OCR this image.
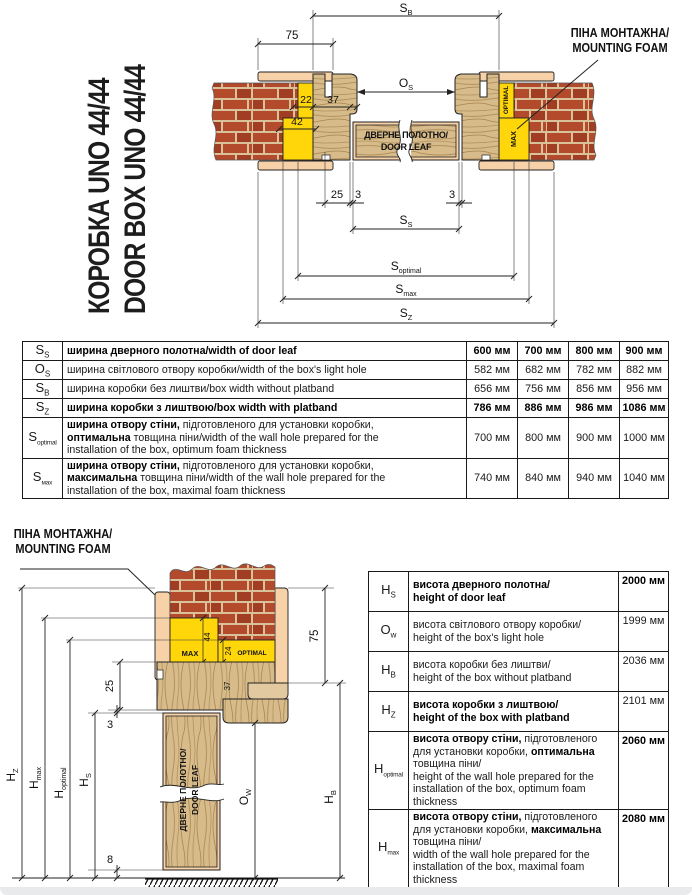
КОРОБКА UNO 44/44 DOOR BOX UNO 44/44	ДВЕРНЕ ПОЛОТНО/
DOOR LEAF
OPTIMAL
MAX
$S_B$
75
$O_S$
22 37
42
25 3	3
$S_S$
$S_{optimal}$
$S_{max}$
$S_Z$
ПІНА МОНТАЖНА/
MOUNTING FOAM
$S_S$	ширина дверного полотна/width of door leaf	600 мм	700 мм	800 мм	900 мм
$O_S$	ширина світлового отвору коробки/width of the box's light hole	582 мм	682 мм	782 мм	882 мм
$S_B$	ширина коробки без лиштви/box width without platband	656 мм	756 мм	856 мм	956 мм
$S_Z$	ширина коробки з лиштвою/box width with platband	786 мм	886 мм	986 мм	1086 мм
$S_{optimal}$	ширина отвору стіни, підготовленого для установки коробки,
оптимальна товщина піни/width of the wall hole prepared for the
installation of the box, optimum foam thickness	700 мм	800 мм	900 мм	1000 мм
$S_{мах}$	ширина отвору стіни, підготовленого для установки коробки,
максимальна товщина піни/width of the wall hole prepared for the
installation of the box, maximal foam thickness	740 мм	840 мм	940 мм	1040 мм
ПІНА МОНТАЖНА/
MOUNTING FOAM
MAX
44
OPTIMAL
24
37
ДВЕРНЕ ПОЛОТНО/ DOOR LEAF
$H_Z$
$H_{max}$
$H_{optimal}$ $H_S$
25
3
8
$O_W$
$H_B$
75
$H_S$	висота дверного полотна/
height of door leaf	2000 мм
$O_w$	висота світлового отвору коробки/
height of the box's light hole	1999 мм
$H_B$	висота коробки без лиштви/
height of the box without platband	2036 мм
$H_Z$	висота коробки з лиштвою/
height of the box with platband	2101 мм
$H_{optimal}$	висота отвору стіни, підготовленого для установки коробки, оптимальна товщина піни/
height of the wall hole prepared for the installation of the box, optimum foam thickness	2060 мм
$H_{max}$	висота отвору стіни, підготовленого для установки коробки, максимальна товщина піни/
width of the wall hole prepared for the installation of the box, maximal foam thickness	2080 мм
